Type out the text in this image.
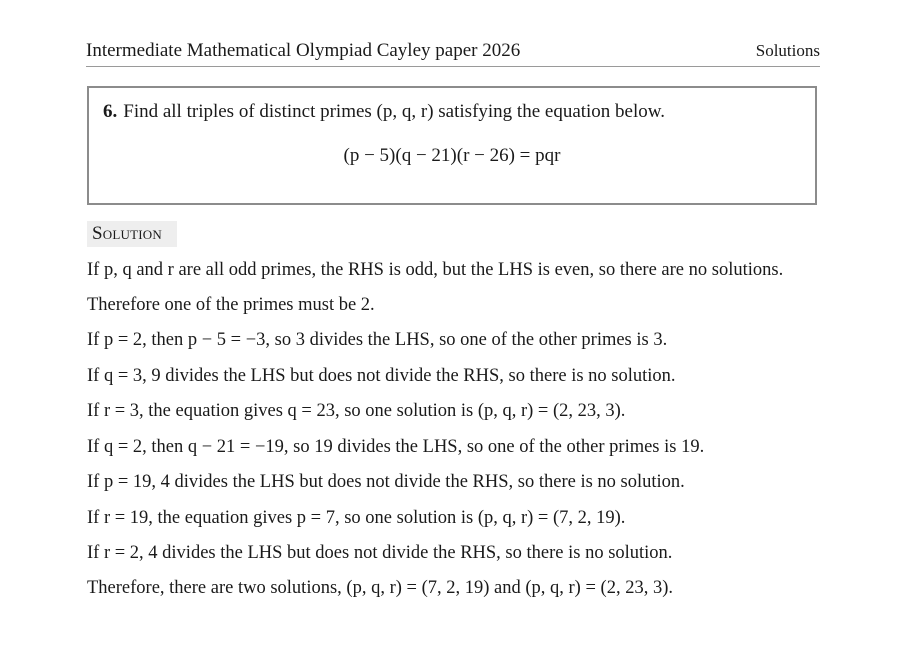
Intermediate Mathematical Olympiad Cayley paper 2026	Solutions
6. Find all triples of distinct primes (p, q, r) satisfying the equation below.
(p − 5)(q − 21)(r − 26) = pqr
Solution
If p, q and r are all odd primes, the RHS is odd, but the LHS is even, so there are no solutions.
Therefore one of the primes must be 2.
If p = 2, then p − 5 = −3, so 3 divides the LHS, so one of the other primes is 3.
If q = 3, 9 divides the LHS but does not divide the RHS, so there is no solution.
If r = 3, the equation gives q = 23, so one solution is (p, q, r) = (2, 23, 3).
If q = 2, then q − 21 = −19, so 19 divides the LHS, so one of the other primes is 19.
If p = 19, 4 divides the LHS but does not divide the RHS, so there is no solution.
If r = 19, the equation gives p = 7, so one solution is (p, q, r) = (7, 2, 19).
If r = 2, 4 divides the LHS but does not divide the RHS, so there is no solution.
Therefore, there are two solutions, (p, q, r) = (7, 2, 19) and (p, q, r) = (2, 23, 3).
